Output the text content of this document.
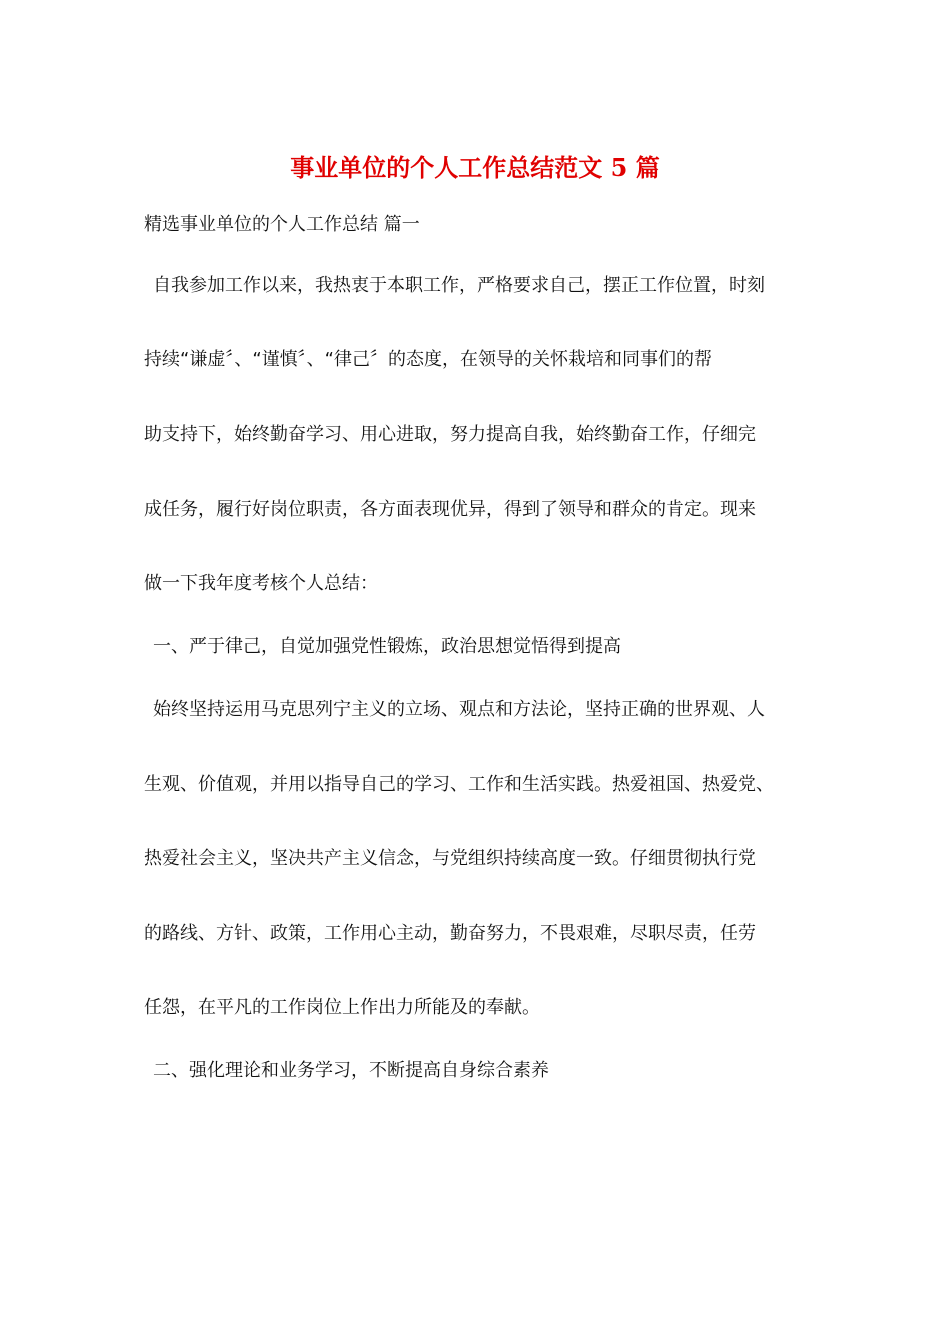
事业单位的个人工作总结范文 5 篇

精选事业单位的个人工作总结 篇一

自我参加工作以来，我热衷于本职工作，严格要求自己，摆正工作位置，时刻

持续“谦虚〞、“谨慎〞、“律己〞的态度，在领导的关怀栽培和同事们的帮

助支持下，始终勤奋学习、用心进取，努力提高自我，始终勤奋工作，仔细完

成任务，履行好岗位职责，各方面表现优异，得到了领导和群众的肯定。现来

做一下我年度考核个人总结：

一、严于律己，自觉加强党性锻炼，政治思想觉悟得到提高

始终坚持运用马克思列宁主义的立场、观点和方法论，坚持正确的世界观、人

生观、价值观，并用以指导自己的学习、工作和生活实践。热爱祖国、热爱党、

热爱社会主义，坚决共产主义信念，与党组织持续高度一致。仔细贯彻执行党

的路线、方针、政策，工作用心主动，勤奋努力，不畏艰难，尽职尽责，任劳

任怨，在平凡的工作岗位上作出力所能及的奉献。

二、强化理论和业务学习，不断提高自身综合素养
